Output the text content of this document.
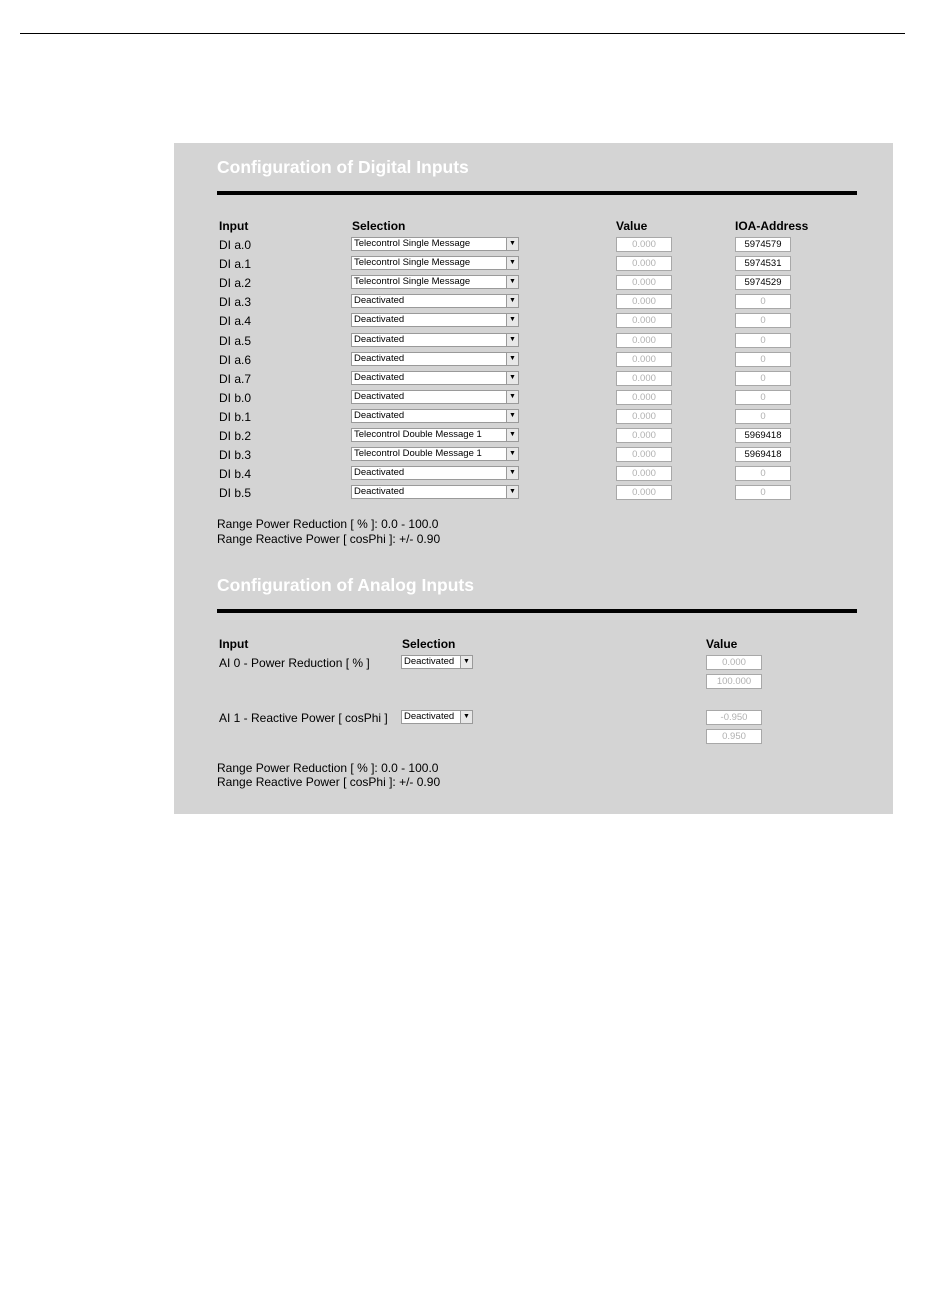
Configuration of Digital Inputs
Input	Selection	Value	IOA-Address
DI a.0	Telecontrol Single Message	▼	0.000	5974579
DI a.1	Telecontrol Single Message	▼	0.000	5974531
DI a.2	Telecontrol Single Message	▼	0.000	5974529
DI a.3	Deactivated	▼	0.000	0
DI a.4	Deactivated	▼	0.000	0
DI a.5	Deactivated	▼	0.000	0
DI a.6	Deactivated	▼	0.000	0
DI a.7	Deactivated	▼	0.000	0
DI b.0	Deactivated	▼	0.000	0
DI b.1	Deactivated	▼	0.000	0
DI b.2	Telecontrol Double Message 1	▼	0.000	5969418
DI b.3	Telecontrol Double Message 1	▼	0.000	5969418
DI b.4	Deactivated	▼	0.000	0
DI b.5	Deactivated	▼	0.000	0
Range Power Reduction [ % ]: 0.0 - 100.0
Range Reactive Power [ cosPhi ]: +/- 0.90
Configuration of Analog Inputs
Input	Selection	Value
AI 0 - Power Reduction [ % ]	Deactivated	▼	0.000
100.000
AI 1 - Reactive Power [ cosPhi ]	Deactivated	▼	-0.950
0.950
Range Power Reduction [ % ]: 0.0 - 100.0
Range Reactive Power [ cosPhi ]: +/- 0.90
